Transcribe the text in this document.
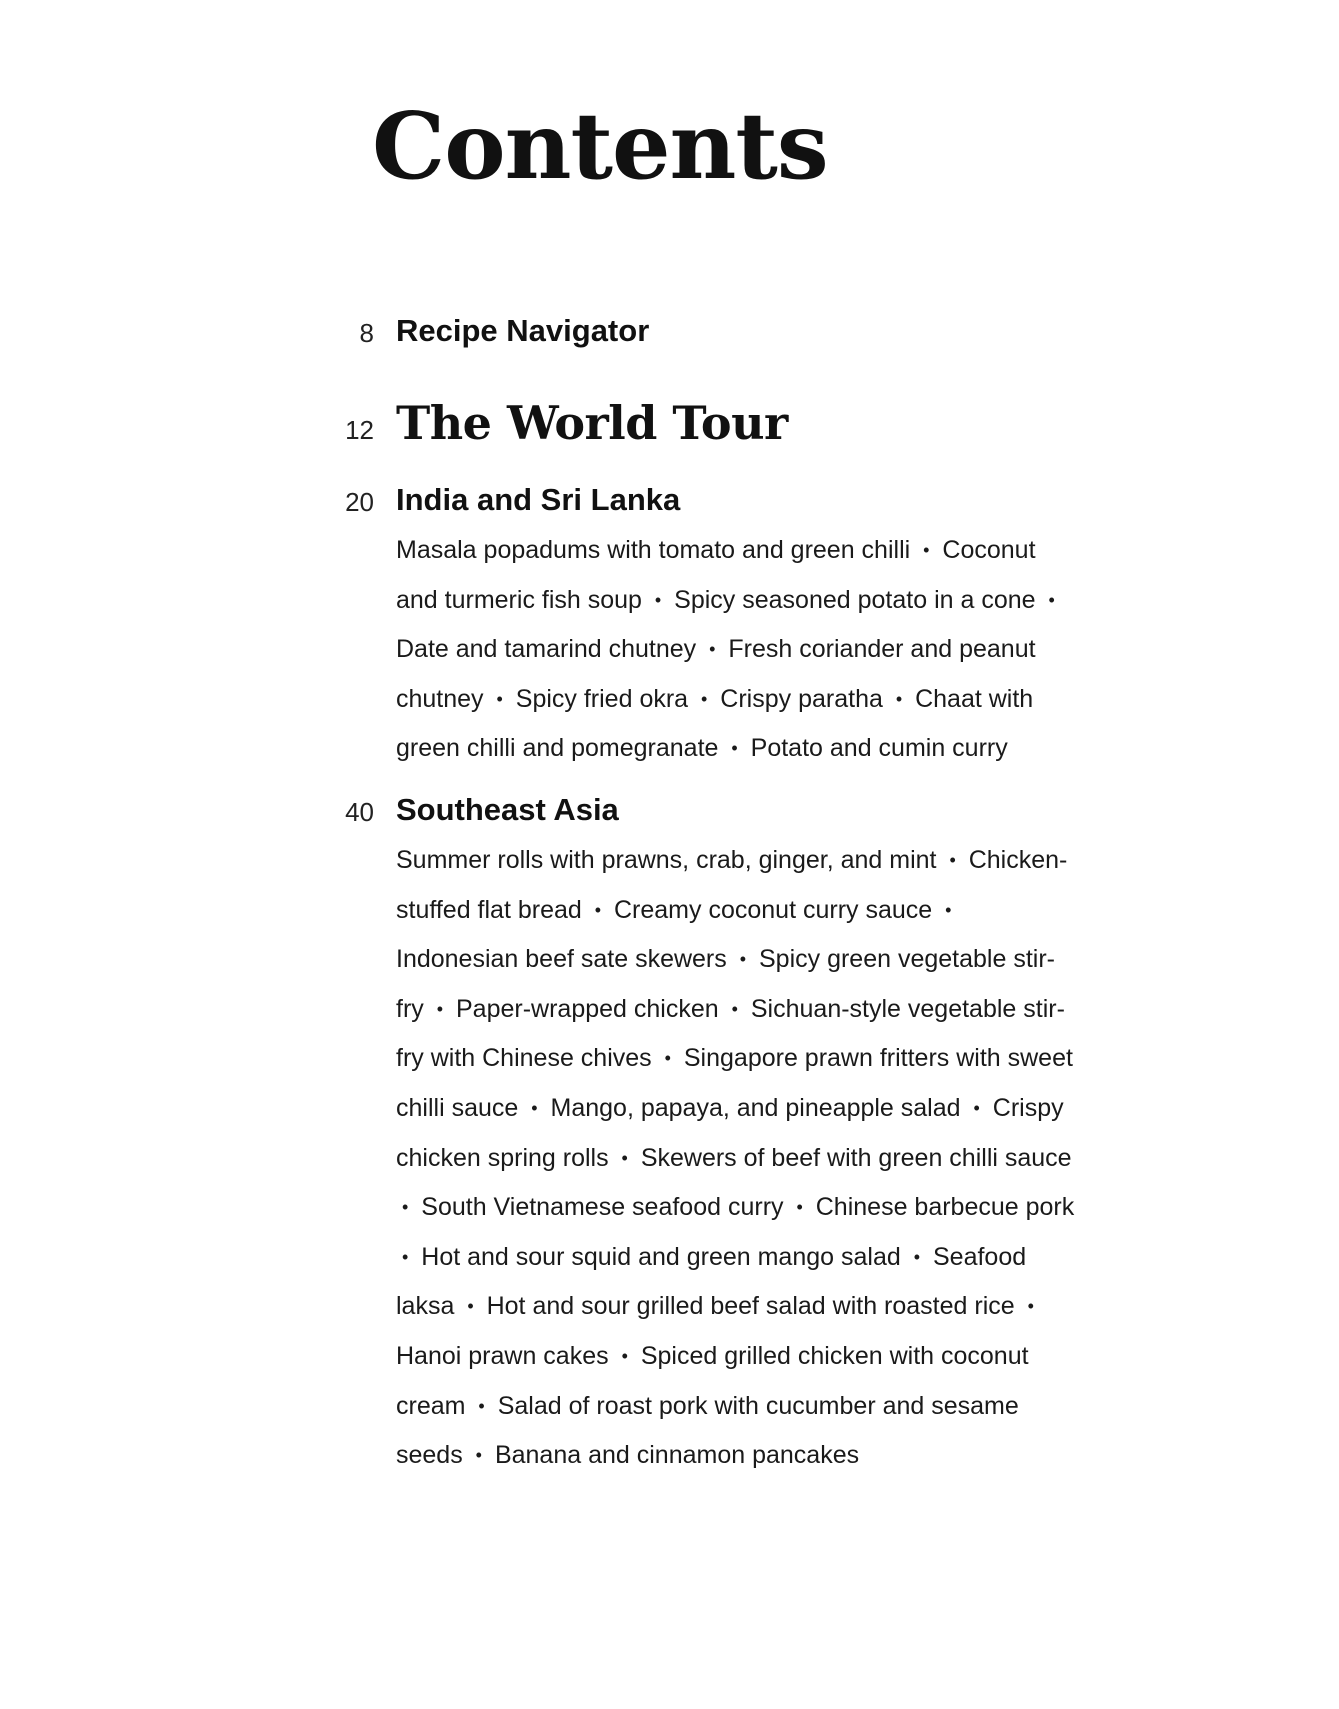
Contents
8 Recipe Navigator
12 The World Tour
20 India and Sri Lanka

Masala popadums with tomato and green chilli • Coconut and turmeric fish soup • Spicy seasoned potato in a cone • Date and tamarind chutney • Fresh coriander and peanut chutney • Spicy fried okra • Crispy paratha • Chaat with green chilli and pomegranate • Potato and cumin curry

40 Southeast Asia

Summer rolls with prawns, crab, ginger, and mint • Chicken-stuffed flat bread • Creamy coconut curry sauce • Indonesian beef sate skewers • Spicy green vegetable stir-fry • Paper-wrapped chicken • Sichuan-style vegetable stir-fry with Chinese chives • Singapore prawn fritters with sweet chilli sauce • Mango, papaya, and pineapple salad • Crispy chicken spring rolls • Skewers of beef with green chilli sauce • South Vietnamese seafood curry • Chinese barbecue pork • Hot and sour squid and green mango salad • Seafood laksa • Hot and sour grilled beef salad with roasted rice • Hanoi prawn cakes • Spiced grilled chicken with coconut cream • Salad of roast pork with cucumber and sesame seeds • Banana and cinnamon pancakes
